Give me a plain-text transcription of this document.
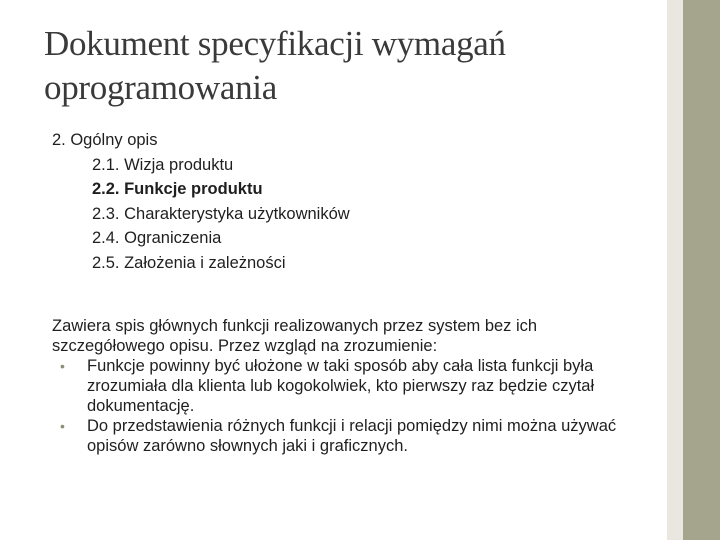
Dokument specyfikacji wymagań oprogramowania
2. Ogólny opis
2.1. Wizja produktu
2.2. Funkcje produktu
2.3. Charakterystyka użytkowników
2.4. Ograniczenia
2.5. Założenia i zależności

Zawiera spis głównych funkcji realizowanych przez system bez ich szczegółowego opisu. Przez wzgląd na zrozumienie:

• Funkcje powinny być ułożone w taki sposób aby cała lista funkcji była zrozumiała dla klienta lub kogokolwiek, kto pierwszy raz będzie czytał dokumentację.
• Do przedstawienia różnych funkcji i relacji pomiędzy nimi można używać opisów zarówno słownych jaki i graficznych.
